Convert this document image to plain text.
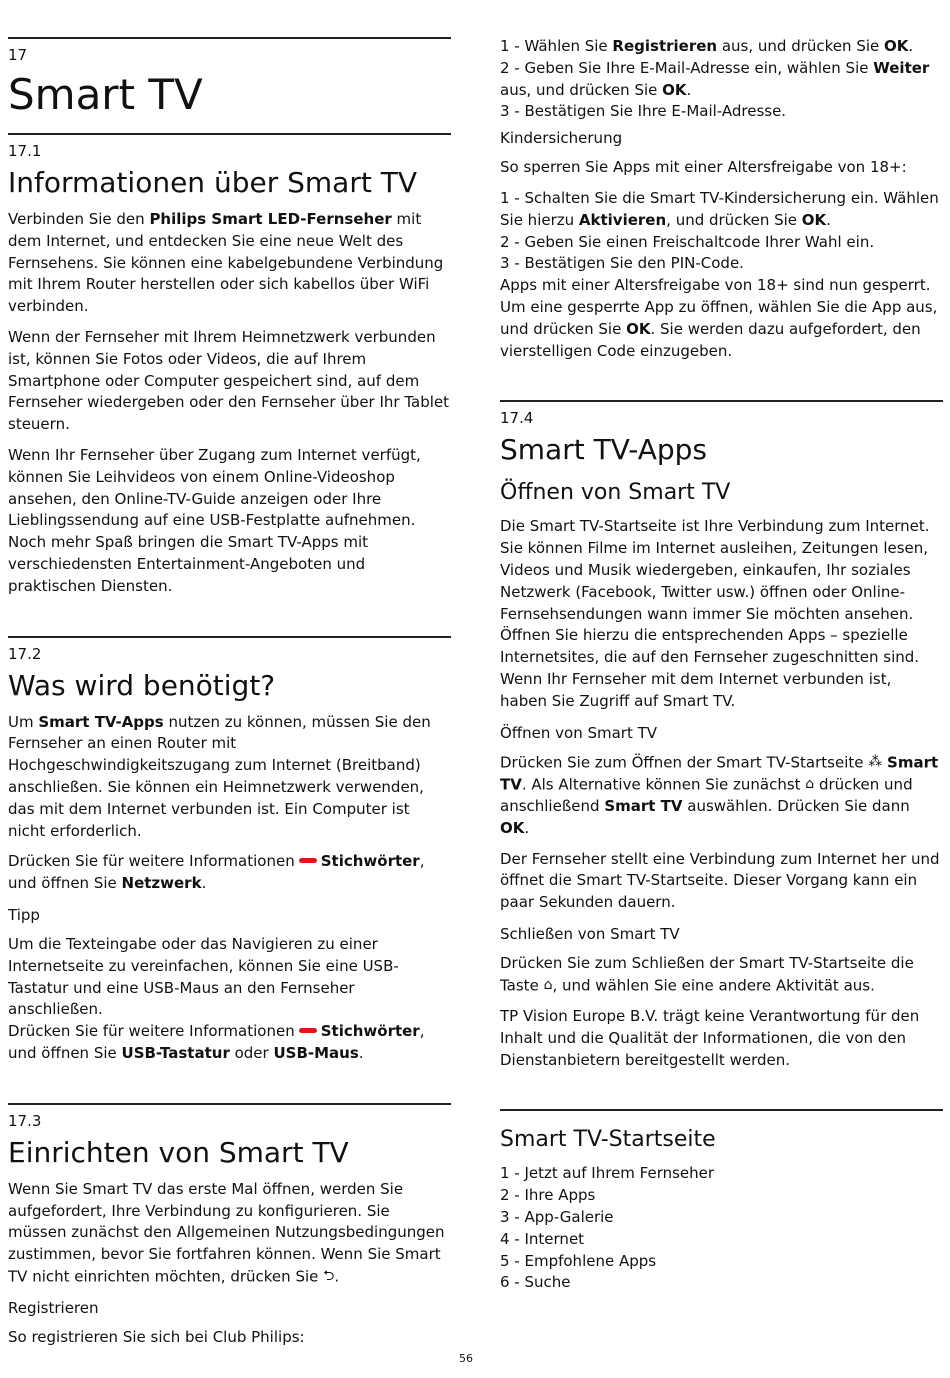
17
Smart TV
17.1
Informationen über Smart TV

Verbinden Sie den Philips Smart LED-Fernseher mit dem Internet, und entdecken Sie eine neue Welt des Fernsehens. Sie können eine kabelgebundene Verbindung mit Ihrem Router herstellen oder sich kabellos über WiFi verbinden.

Wenn der Fernseher mit Ihrem Heimnetzwerk verbunden ist, können Sie Fotos oder Videos, die auf Ihrem Smartphone oder Computer gespeichert sind, auf dem Fernseher wiedergeben oder den Fernseher über Ihr Tablet steuern.

Wenn Ihr Fernseher über Zugang zum Internet verfügt, können Sie Leihvideos von einem Online-Videoshop ansehen, den Online-TV-Guide anzeigen oder Ihre Lieblingssendung auf eine USB-Festplatte aufnehmen. Noch mehr Spaß bringen die Smart TV-Apps mit verschiedensten Entertainment-Angeboten und praktischen Diensten.

17.2
Was wird benötigt?

Um Smart TV-Apps nutzen zu können, müssen Sie den Fernseher an einen Router mit Hochgeschwindigkeitszugang zum Internet (Breitband) anschließen. Sie können ein Heimnetzwerk verwenden, das mit dem Internet verbunden ist. Ein Computer ist nicht erforderlich.

Drücken Sie für weitere Informationen Stichwörter, und öffnen Sie Netzwerk.

Tipp
Um die Texteingabe oder das Navigieren zu einer Internetseite zu vereinfachen, können Sie eine USB-Tastatur und eine USB-Maus an den Fernseher anschließen.

Drücken Sie für weitere Informationen Stichwörter, und öffnen Sie USB-Tastatur oder USB-Maus.

17.3
Einrichten von Smart TV

Wenn Sie Smart TV das erste Mal öffnen, werden Sie aufgefordert, Ihre Verbindung zu konfigurieren. Sie müssen zunächst den Allgemeinen Nutzungsbedingungen zustimmen, bevor Sie fortfahren können. Wenn Sie Smart TV nicht einrichten möchten, drücken Sie ⮌.

Registrieren

So registrieren Sie sich bei Club Philips:

1 - Wählen Sie Registrieren aus, und drücken Sie OK.
2 - Geben Sie Ihre E-Mail-Adresse ein, wählen Sie Weiter aus, und drücken Sie OK.
3 - Bestätigen Sie Ihre E-Mail-Adresse.
Kindersicherung

So sperren Sie Apps mit einer Altersfreigabe von 18+:

1 - Schalten Sie die Smart TV-Kindersicherung ein. Wählen Sie hierzu Aktivieren, und drücken Sie OK.
2 - Geben Sie einen Freischaltcode Ihrer Wahl ein.
3 - Bestätigen Sie den PIN-Code.

Apps mit einer Altersfreigabe von 18+ sind nun gesperrt. Um eine gesperrte App zu öffnen, wählen Sie die App aus, und drücken Sie OK. Sie werden dazu aufgefordert, den vierstelligen Code einzugeben.

17.4
Smart TV-Apps
Öffnen von Smart TV

Die Smart TV-Startseite ist Ihre Verbindung zum Internet. Sie können Filme im Internet ausleihen, Zeitungen lesen, Videos und Musik wiedergeben, einkaufen, Ihr soziales Netzwerk (Facebook, Twitter usw.) öffnen oder Online-Fernsehsendungen wann immer Sie möchten ansehen. Öffnen Sie hierzu die entsprechenden Apps – spezielle Internetsites, die auf den Fernseher zugeschnitten sind. Wenn Ihr Fernseher mit dem Internet verbunden ist, haben Sie Zugriff auf Smart TV.

Öffnen von Smart TV

Drücken Sie zum Öffnen der Smart TV-Startseite ⁂ Smart TV. Als Alternative können Sie zunächst ⌂ drücken und anschließend Smart TV auswählen. Drücken Sie dann OK.

Der Fernseher stellt eine Verbindung zum Internet her und öffnet die Smart TV-Startseite. Dieser Vorgang kann ein paar Sekunden dauern.

Schließen von Smart TV

Drücken Sie zum Schließen der Smart TV-Startseite die Taste ⌂, und wählen Sie eine andere Aktivität aus.

TP Vision Europe B.V. trägt keine Verantwortung für den Inhalt und die Qualität der Informationen, die von den Dienstanbietern bereitgestellt werden.

Smart TV-Startseite
1 - Jetzt auf Ihrem Fernseher
2 - Ihre Apps
3 - App-Galerie
4 - Internet
5 - Empfohlene Apps
6 - Suche
56
